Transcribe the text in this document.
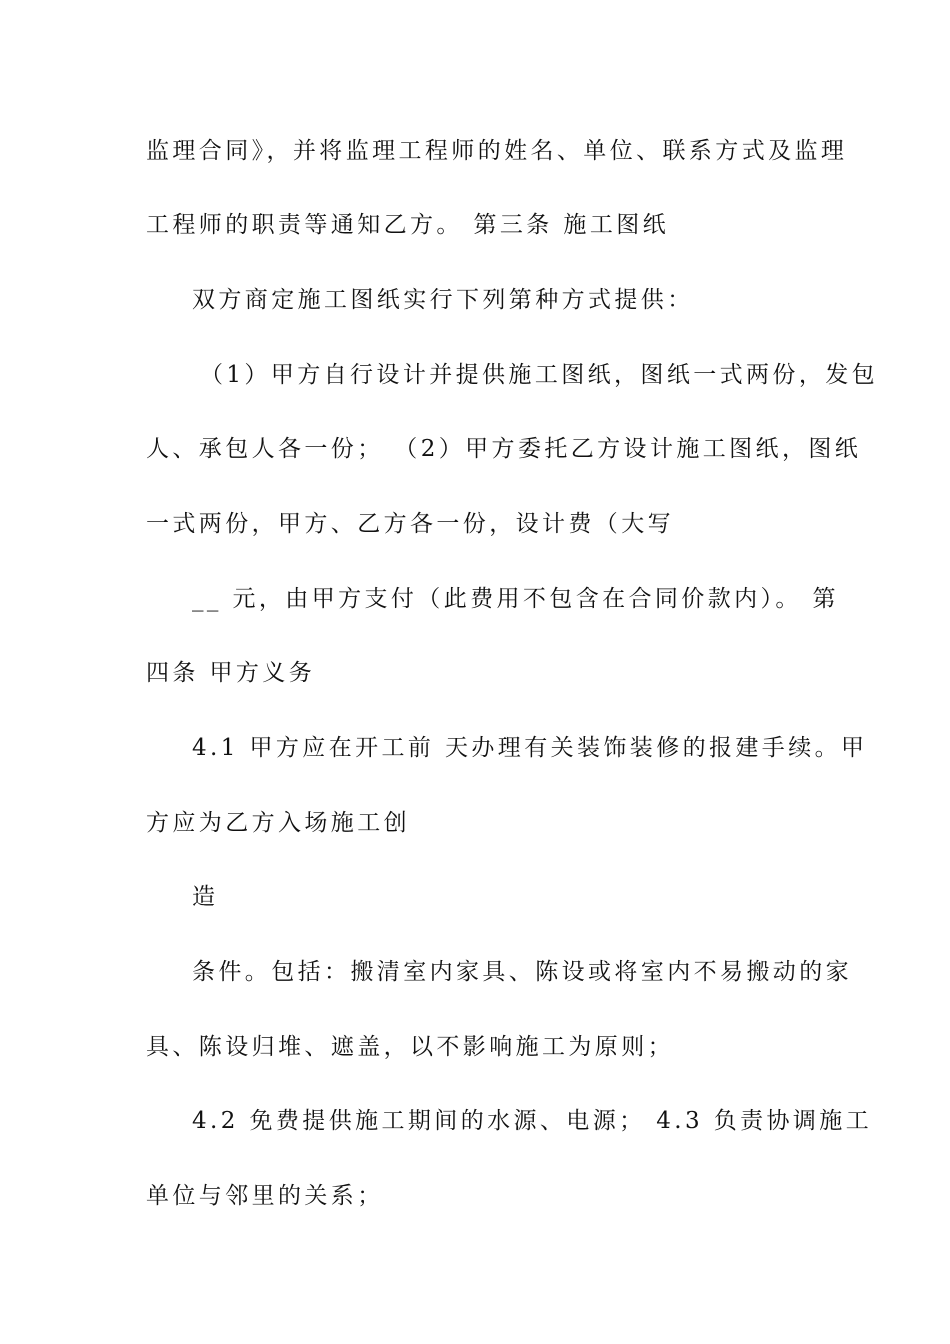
监理合同》，并将监理工程师的姓名、单位、联系方式及监理
工程师的职责等通知乙方。 第三条 施工图纸
双方商定施工图纸实行下列第种方式提供：
（1）甲方自行设计并提供施工图纸，图纸一式两份，发包
人、承包人各一份； （2）甲方委托乙方设计施工图纸，图纸
一式两份，甲方、乙方各一份，设计费（大写
__ 元，由甲方支付（此费用不包含在合同价款内）。 第
四条 甲方义务
4.1 甲方应在开工前 天办理有关装饰装修的报建手续。甲
方应为乙方入场施工创
造
条件。包括：搬清室内家具、陈设或将室内不易搬动的家
具、陈设归堆、遮盖，以不影响施工为原则；
4.2 免费提供施工期间的水源、电源； 4.3 负责协调施工
单位与邻里的关系；
